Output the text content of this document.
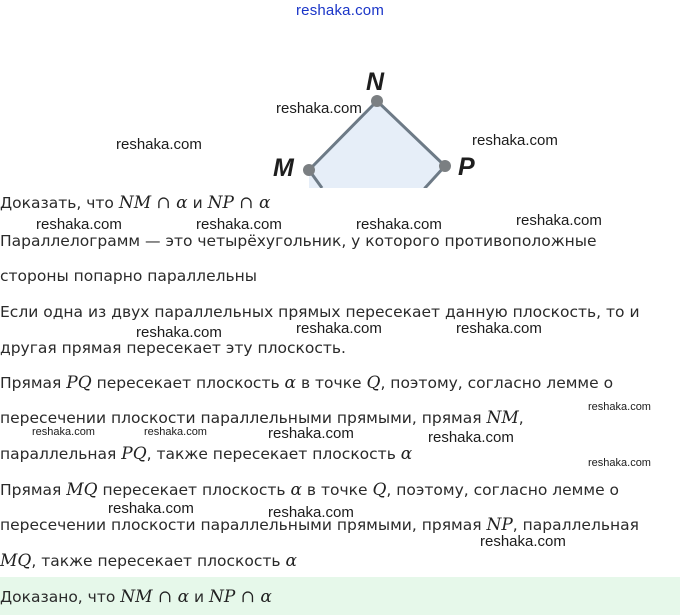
reshaka.com
N
M	P
reshaka.com
reshaka.com
reshaka.com
reshaka.com	reshaka.com	reshaka.com	reshaka.com
reshaka.com	reshaka.com
reshaka.com
reshaka.com
reshaka.com	reshaka.com	reshaka.com	reshaka.com
reshaka.com
reshaka.com	reshaka.com
reshaka.com
Доказать, что NM ∩ α и NP ∩ α
Параллелограмм — это четырёхугольник, у которого противоположные
стороны попарно параллельны
Если одна из двух параллельных прямых пересекает данную плоскость, то и
другая прямая пересекает эту плоскость.
Прямая PQ пересекает плоскость α в точке Q, поэтому, согласно лемме о
пересечении плоскости параллельными прямыми, прямая NM,
параллельная PQ, также пересекает плоскость α
Прямая MQ пересекает плоскость α в точке Q, поэтому, согласно лемме о
пересечении плоскости параллельными прямыми, прямая NP, параллельная
MQ, также пересекает плоскость α
Доказано, что NM ∩ α и NP ∩ α
